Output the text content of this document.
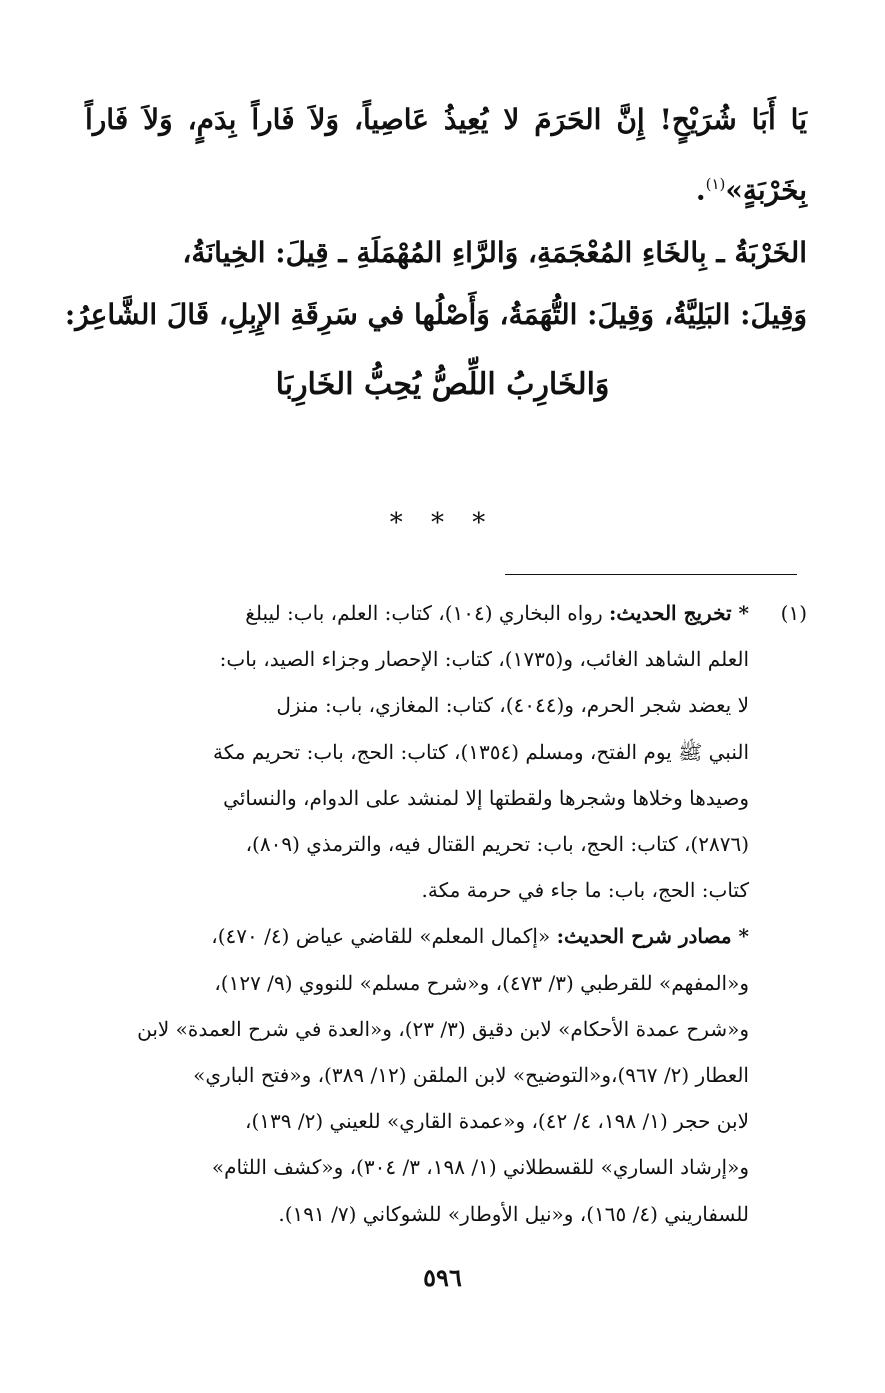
يَا أَبَا شُرَيْحٍ! إِنَّ الحَرَمَ لا يُعِيذُ عَاصِياً، وَلاَ فَاراً بِدَمٍ، وَلاَ فَاراً
بِخَرْبَةٍ»$^{(١)}$.
الخَرْبَةُ ـ بِالخَاءِ المُعْجَمَةِ، وَالرَّاءِ المُهْمَلَةِ ـ قِيلَ: الخِيانَةُ،
وَقِيلَ: البَلِيَّةُ، وَقِيلَ: التُّهَمَةُ، وَأَصْلُها في سَرِقَةِ الإِبِلِ، قَالَ الشَّاعِرُ:
وَالخَارِبُ اللِّصُّ يُحِبُّ الخَارِبَا
* * *
(١)
* تخريج الحديث: رواه البخاري (١٠٤)، كتاب: العلم، باب: ليبلغ
العلم الشاهد الغائب، و(١٧٣٥)، كتاب: الإحصار وجزاء الصيد، باب:
لا يعضد شجر الحرم، و(٤٠٤٤)، كتاب: المغازي، باب: منزل
النبي ﷺ يوم الفتح، ومسلم (١٣٥٤)، كتاب: الحج، باب: تحريم مكة
وصيدها وخلاها وشجرها ولقطتها إلا لمنشد على الدوام، والنسائي
(٢٨٧٦)، كتاب: الحج، باب: تحريم القتال فيه، والترمذي (٨٠٩)،
كتاب: الحج، باب: ما جاء في حرمة مكة.
* مصادر شرح الحديث: «إكمال المعلم» للقاضي عياض (٤/ ٤٧٠)،
و«المفهم» للقرطبي (٣/ ٤٧٣)، و«شرح مسلم» للنووي (٩/ ١٢٧)،
و«شرح عمدة الأحكام» لابن دقيق (٣/ ٢٣)، و«العدة في شرح العمدة» لابن
العطار (٢/ ٩٦٧)،و«التوضيح» لابن الملقن (١٢/ ٣٨٩)، و«فتح الباري»
لابن حجر (١/ ١٩٨، ٤/ ٤٢)، و«عمدة القاري» للعيني (٢/ ١٣٩)،
و«إرشاد الساري» للقسطلاني (١/ ١٩٨، ٣/ ٣٠٤)، و«كشف اللثام»
للسفاريني (٤/ ١٦٥)، و«نيل الأوطار» للشوكاني (٧/ ١٩١).
٥٩٦
